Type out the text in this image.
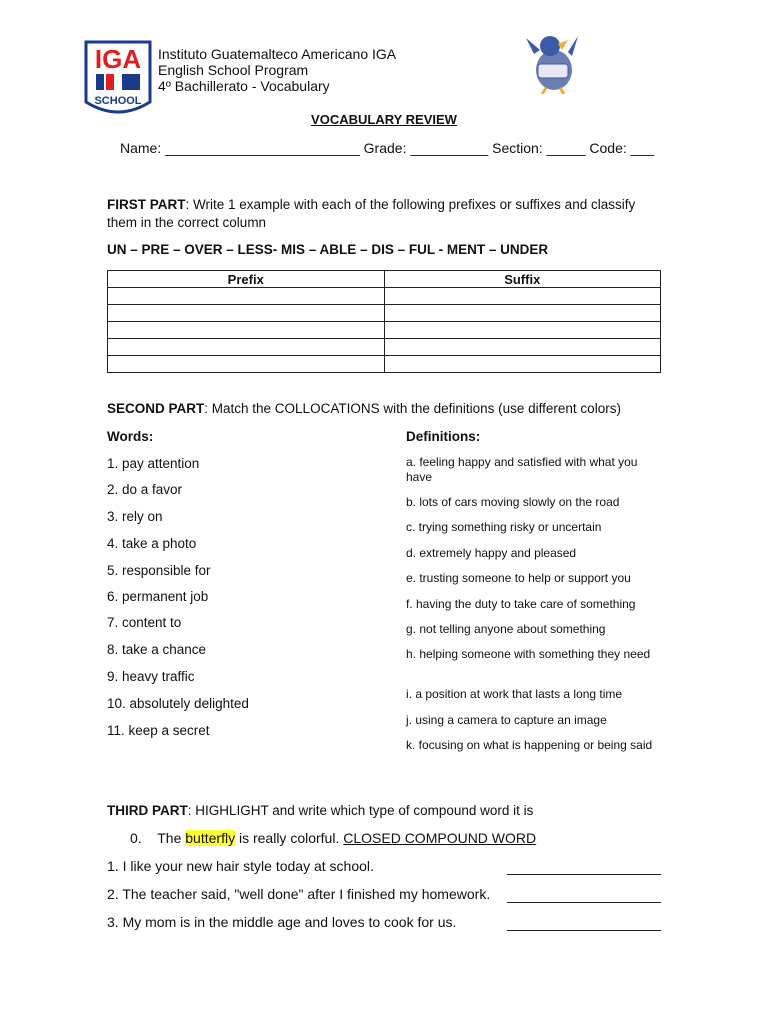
IGA
SCHOOL
Instituto Guatemalteco Americano IGA
English School Program
4º Bachillerato - Vocabulary
VOCABULARY REVIEW
Name: _________________________ Grade: __________ Section: _____ Code: ___
FIRST PART: Write 1 example with each of the following prefixes or suffixes and classify
them in the correct column
UN – PRE – OVER – LESS- MIS – ABLE – DIS – FUL - MENT – UNDER
Prefix	Suffix

SECOND PART: Match the COLLOCATIONS with the definitions (use different colors)
Words:	Definitions:
1. pay attention
2. do a favor
3. rely on
4. take a photo
5. responsible for
6. permanent job
7. content to
8. take a chance
9. heavy traffic
10. absolutely delighted
11. keep a secret
a. feeling happy and satisfied with what you have
b. lots of cars moving slowly on the road
c. trying something risky or uncertain
d. extremely happy and pleased
e. trusting someone to help or support you
f. having the duty to take care of something
g. not telling anyone about something
h. helping someone with something they need
i. a position at work that lasts a long time
j. using a camera to capture an image
k. focusing on what is happening or being said
THIRD PART: HIGHLIGHT and write which type of compound word it is
0. The butterfly is really colorful. CLOSED COMPOUND WORD
1. I like your new hair style today at school.
2. The teacher said, "well done" after I finished my homework.
3. My mom is in the middle age and loves to cook for us.
